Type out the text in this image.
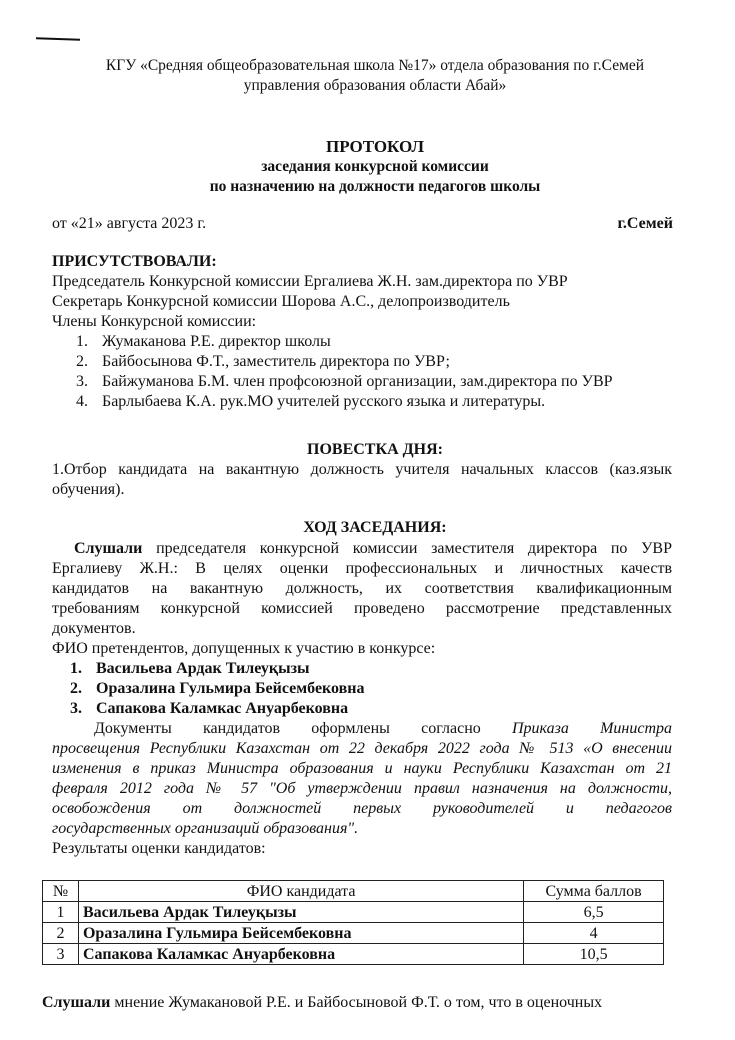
КГУ «Средняя общеобразовательная школа №17» отдела образования по г.Семей
управления образования области Абай»
ПРОТОКОЛ
заседания конкурсной комиссии
по назначению на должности педагогов школы
от «21» августа 2023 г.	г.Семей
ПРИСУТСТВОВАЛИ:
Председатель Конкурсной комиссии Ергалиева Ж.Н. зам.директора по УВР
Секретарь Конкурсной комиссии Шорова А.С., делопроизводитель
Члены Конкурсной комиссии:
1. Жумаканова Р.Е. директор школы
2. Байбосынова Ф.Т., заместитель директора по УВР;
3. Байжуманова Б.М. член профсоюзной организации, зам.директора по УВР
4. Барлыбаева К.А. рук.МО учителей русского языка и литературы.
ПОВЕСТКА ДНЯ:
1.Отбор кандидата на вакантную должность учителя начальных классов (каз.язык
обучения).
ХОД ЗАСЕДАНИЯ:
Слушали председателя конкурсной комиссии заместителя директора по УВР
Ергалиеву Ж.Н.: В целях оценки профессиональных и личностных качеств
кандидатов на вакантную должность, их соответствия квалификационным
требованиям конкурсной комиссией проведено рассмотрение представленных
документов.
ФИО претендентов, допущенных к участию в конкурсе:
1. Васильева Ардак Тилеуқызы
2. Оразалина Гульмира Бейсембековна
3. Сапакова Каламкас Ануарбековна
Документы кандидатов оформлены согласно Приказа Министра
просвещения Республики Казахстан от 22 декабря 2022 года № 513 «О внесении
изменения в приказ Министра образования и науки Республики Казахстан от 21
февраля 2012 года № 57 "Об утверждении правил назначения на должности,
освобождения от должностей первых руководителей и педагогов
государственных организаций образования".
Результаты оценки кандидатов:
№	ФИО кандидата	Сумма баллов
1	Васильева Ардак Тилеуқызы	6,5
2	Оразалина Гульмира Бейсембековна	4
3	Сапакова Каламкас Ануарбековна	10,5
Слушали мнение Жумакановой Р.Е. и Байбосыновой Ф.Т. о том, что в оценочных
